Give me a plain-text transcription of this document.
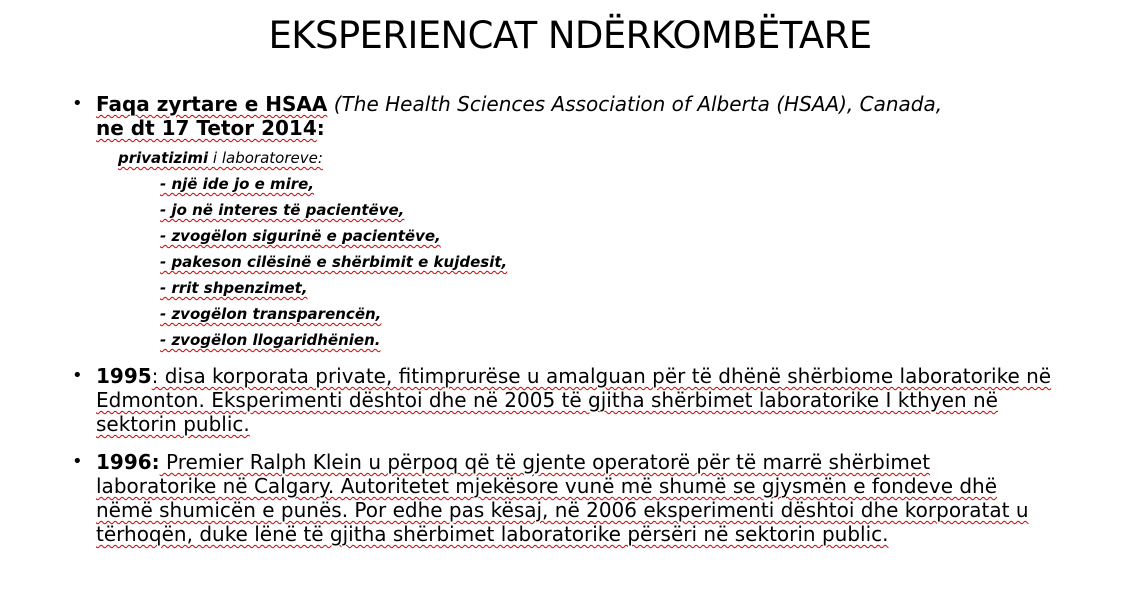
EKSPERIENCAT NDËRKOMBËTARE
• Faqa zyrtare e HSAA (The Health Sciences Association of Alberta (HSAA), Canada,
ne dt 17 Tetor 2014:
privatizimi i laboratoreve:
- një ide jo e mire,
- jo në interes të pacientëve,
- zvogëlon sigurinë e pacientëve,
- pakeson cilësinë e shërbimit e kujdesit,
- rrit shpenzimet,
- zvogëlon transparencën,
- zvogëlon llogaridhënien.
• 1995: disa korporata private, fitimprurëse u amalguan për të dhënë shërbiome laboratorike në Edmonton. Eksperimenti dështoi dhe në 2005 të gjitha shërbimet laboratorike I kthyen në sektorin public.
• 1996: Premier Ralph Klein u përpoq që të gjente operatorë për të marrë shërbimet laboratorike në Calgary. Autoritetet mjekësore vunë më shumë se gjysmën e fondeve dhë nëmë shumicën e punës. Por edhe pas kësaj, në 2006 eksperimenti dështoi dhe korporatat u tërhoqën, duke lënë të gjitha shërbimet laboratorike përsëri në sektorin public.
